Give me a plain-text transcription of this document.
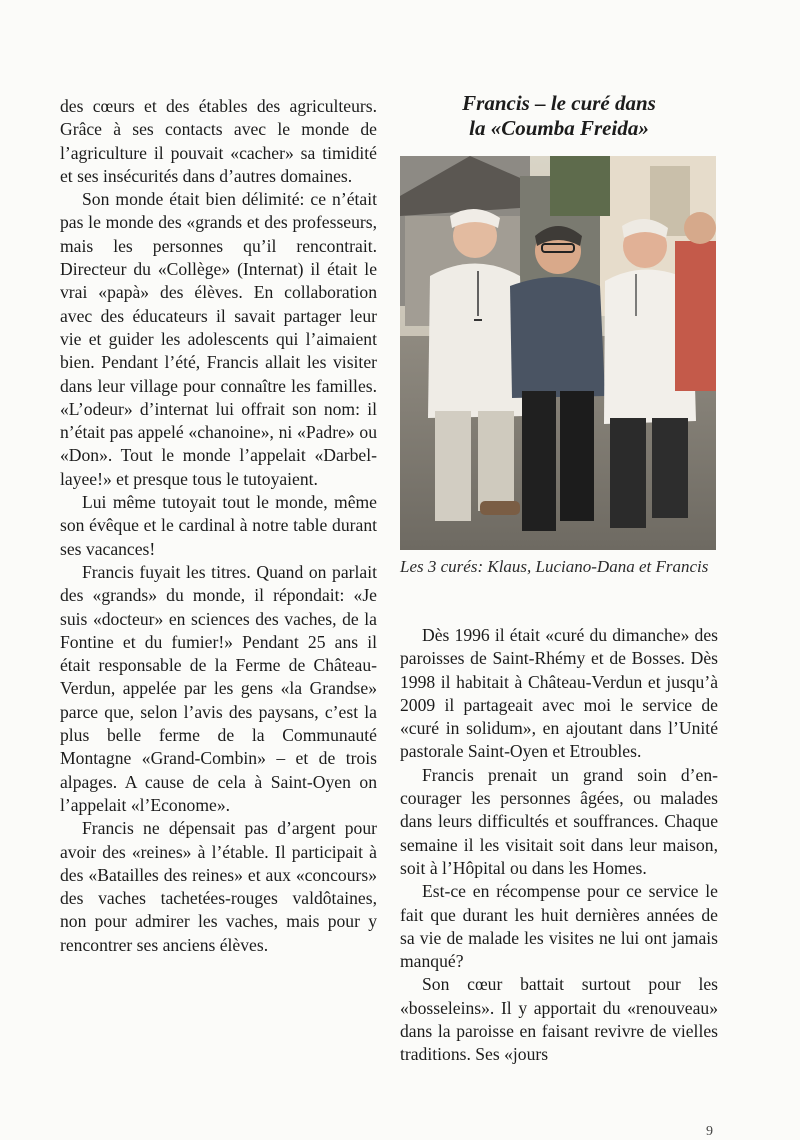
des cœurs et des étables des agriculteurs. Grâce à ses contacts avec le monde de l’agriculture il pouvait «cacher» sa timidité et ses insécurités dans d’autres domaines.

Son monde était bien délimité: ce n’était pas le monde des «grands et des professeurs, mais les personnes qu’il rencontrait. Directeur du «Collège» (Internat) il était le vrai «papà» des élèves. En collaboration avec des éducateurs il savait partager leur vie et guider les adolescents qui l’aimaient bien. Pendant l’été, Francis allait les visiter dans leur village pour connaître les familles. «L’odeur» d’internat lui offrait son nom: il n’était pas appelé «chanoine», ni «Padre» ou «Don». Tout le monde l’appelait «Darbellayee!» et presque tous le tutoyaient.

Lui même tutoyait tout le monde, même son évêque et le cardinal à notre table durant ses vacances!

Francis fuyait les titres. Quand on parlait des «grands» du monde, il répondait: «Je suis «docteur» en sciences des vaches, de la Fontine et du fumier!» Pendant 25 ans il était responsable de la Ferme de Château-Verdun, appelée par les gens «la Grandse» parce que, selon l’avis des paysans, c’est la plus belle ferme de la Communauté Montagne «Grand-Combin» – et de trois alpages. A cause de cela à Saint-Oyen on l’appelait «l’Econome».

Francis ne dépensait pas d’argent pour avoir des «reines» à l’étable. Il participait à des «Batailles des reines» et aux «concours» des vaches tachetées-rouges valdôtaines, non pour admirer les vaches, mais pour y rencontrer ses anciens élèves.

Francis – le curé dans
la «Coumba Freida»
Les 3 curés: Klaus, Luciano-Dana et Francis

Dès 1996 il était «curé du dimanche» des paroisses de Saint-Rhémy et de Bosses. Dès 1998 il habitait à Château-Verdun et jusqu’à 2009 il partageait avec moi le service de «curé in solidum», en ajoutant dans l’Unité pastorale Saint-Oyen et Etroubles.

Francis prenait un grand soin d’encourager les personnes âgées, ou malades dans leurs difficultés et souffrances. Chaque semaine il les visitait soit dans leur maison, soit à l’Hôpital ou dans les Homes.

Est-ce en récompense pour ce service le fait que durant les huit dernières années de sa vie de malade les visites ne lui ont jamais manqué?

Son cœur battait surtout pour les «bosseleins». Il y apportait du «renouveau» dans la paroisse en faisant revivre de vielles traditions. Ses «jours

9
